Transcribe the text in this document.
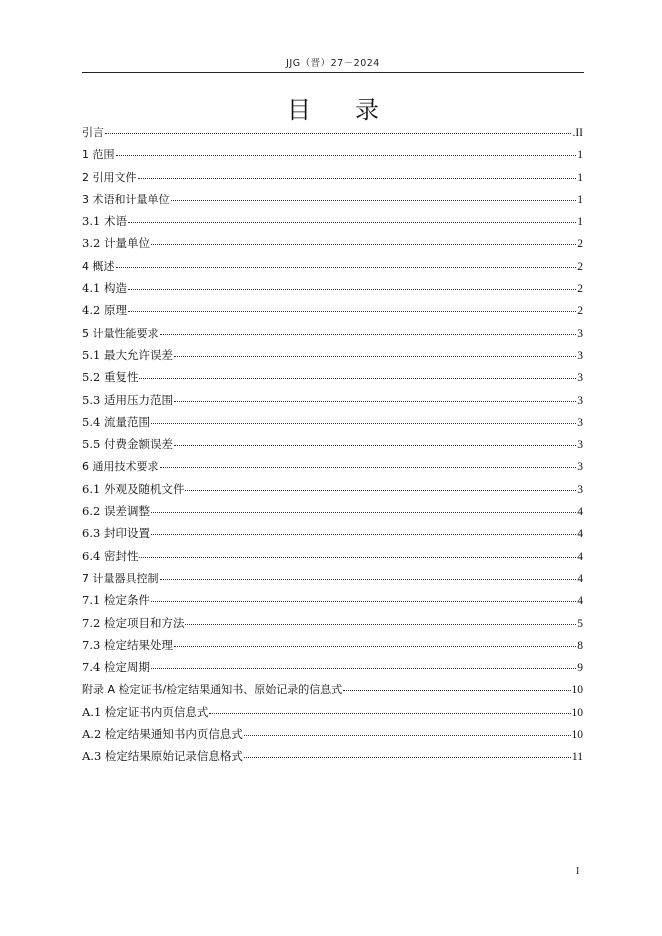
JJG（晋）27－2024
目录
引言	.II
1 范围	1
2 引用文件	1
3 术语和计量单位	1
3.1 术语	1
3.2 计量单位	2
4 概述	2
4.1 构造	2
4.2 原理	2
5 计量性能要求	3
5.1 最大允许误差	3
5.2 重复性	3
5.3 适用压力范围	3
5.4 流量范围	3
5.5 付费金额误差	3
6 通用技术要求	3
6.1 外观及随机文件	3
6.2 误差调整	4
6.3 封印设置	4
6.4 密封性	4
7 计量器具控制	4
7.1 检定条件	4
7.2 检定项目和方法	5
7.3 检定结果处理	8
7.4 检定周期	9
附录 A 检定证书/检定结果通知书、原始记录的信息式	10
A.1 检定证书内页信息式	10
A.2 检定结果通知书内页信息式	10
A.3 检定结果原始记录信息格式	11
I
